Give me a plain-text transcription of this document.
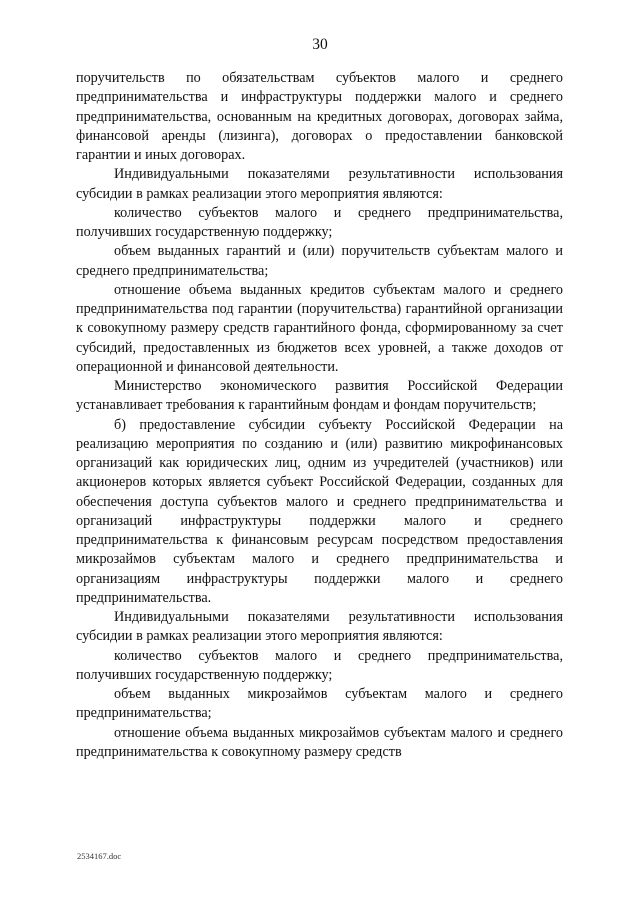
30

поручительств по обязательствам субъектов малого и среднего предпринимательства и инфраструктуры поддержки малого и среднего предпринимательства, основанным на кредитных договорах, договорах займа, финансовой аренды (лизинга), договорах о предоставлении банковской гарантии и иных договорах.

Индивидуальными показателями результативности использования субсидии в рамках реализации этого мероприятия являются:

количество субъектов малого и среднего предпринимательства, получивших государственную поддержку;

объем выданных гарантий и (или) поручительств субъектам малого и среднего предпринимательства;

отношение объема выданных кредитов субъектам малого и среднего предпринимательства под гарантии (поручительства) гарантийной организации к совокупному размеру средств гарантийного фонда, сформированному за счет субсидий, предоставленных из бюджетов всех уровней, а также доходов от операционной и финансовой деятельности.

Министерство экономического развития Российской Федерации устанавливает требования к гарантийным фондам и фондам поручительств;

б) предоставление субсидии субъекту Российской Федерации на реализацию мероприятия по созданию и (или) развитию микрофинансовых организаций как юридических лиц, одним из учредителей (участников) или акционеров которых является субъект Российской Федерации, созданных для обеспечения доступа субъектов малого и среднего предпринимательства и организаций инфраструктуры поддержки малого и среднего предпринимательства к финансовым ресурсам посредством предоставления микрозаймов субъектам малого и среднего предпринимательства и организациям инфраструктуры поддержки малого и среднего предпринимательства.

Индивидуальными показателями результативности использования субсидии в рамках реализации этого мероприятия являются:

количество субъектов малого и среднего предпринимательства, получивших государственную поддержку;

объем выданных микрозаймов субъектам малого и среднего предпринимательства;

отношение объема выданных микрозаймов субъектам малого и среднего предпринимательства к совокупному размеру средств

2534167.doc
